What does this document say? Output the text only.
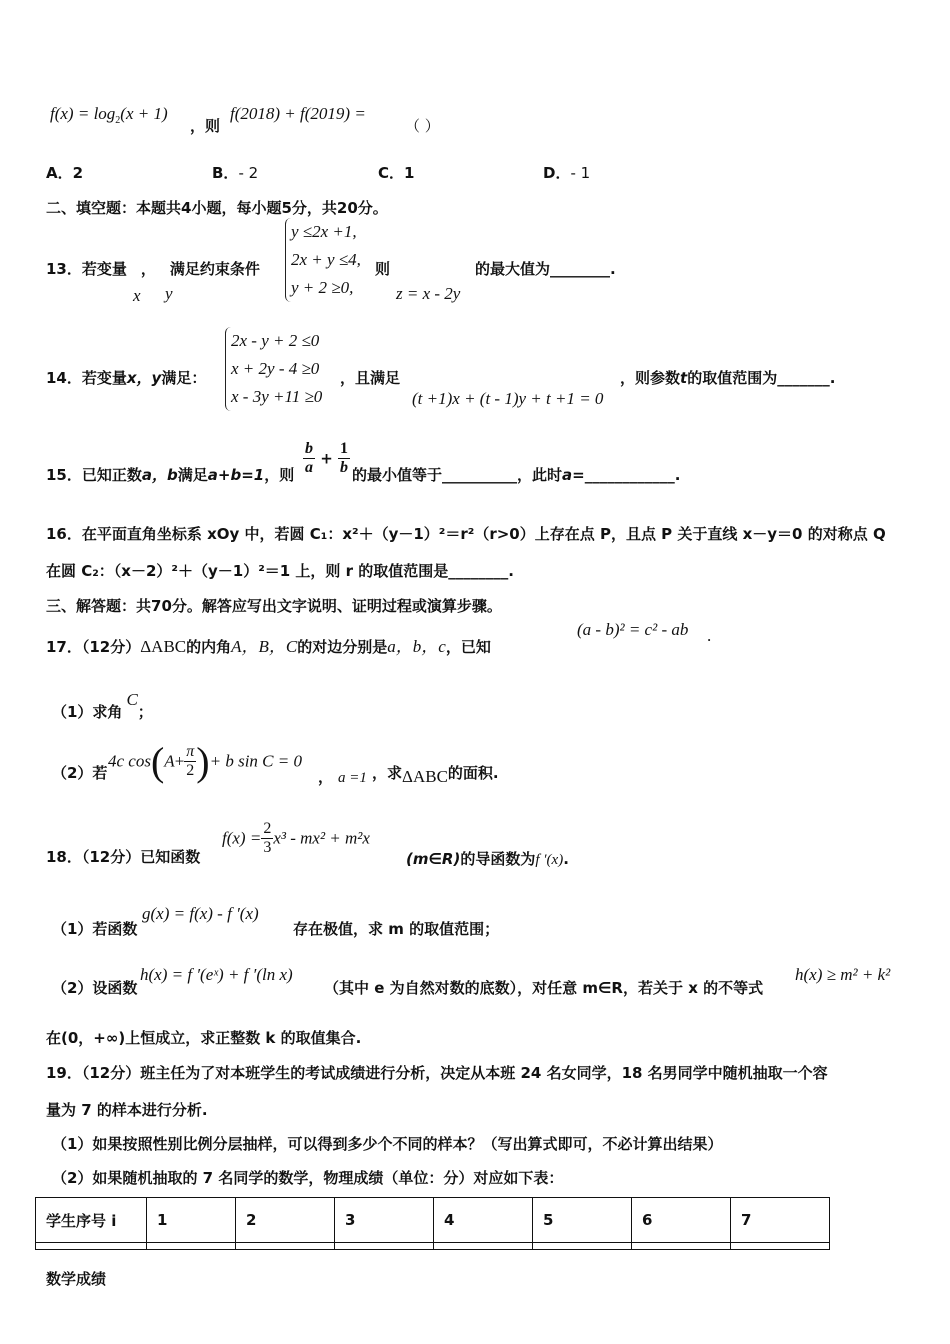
$f(x) = \log_2(x + 1)$
，则
f(2018) + f(2019) =
（ ）
A．2	B．- 2	C．1	D．- 1
二、填空题：本题共4小题，每小题5分，共20分。
13．若变量 ， 满足约束条件
x y
y ≤2x +1,
2x + y ≤4,
y + 2 ≥0,
则
z = x - 2y
的最大值为________.
14．若变量x，y满足：
2x - y + 2 ≤0
x + 2y - 4 ≥0
x - 3y +11 ≥0
，且满足
(t +1)x + (t - 1)y + t +1 = 0
，则参数t的取值范围为_______.
15．已知正数a，b满足a+b=1，则 $\frac{b}{a} + \frac{1}{b}$ 的最小值等于__________，此时a=____________.
16．在平面直角坐标系 xOy 中，若圆 C₁：x²＋（y－1）²＝r²（r>0）上存在点 P，且点 P 关于直线 x－y＝0 的对称点 Q
在圆 C₂：（x－2）²＋（y－1）²＝1 上，则 r 的取值范围是________.
三、解答题：共70分。解答应写出文字说明、证明过程或演算步骤。
17．（12分）ΔABC的内角A，B，C的对边分别是a，b，c，已知
(a - b)² = c² - ab .
（1）求角C；
（2）若
4c $\cos(A+ \frac{\pi}{2}$ )+ b sin C = 0
， a =1 ，求ΔABC的面积.
18．（12分）已知函数
$f(x) = \frac{2}{3} x^3 - mx^2 + m^2x$
(m∈R)的导函数为f ′(x).
（1）若函数
g(x) = f(x) - f ′(x)
存在极值，求 m 的取值范围；
（2）设函数
h(x) = f ′(eˣ) + f ′(ln x)
（其中 e 为自然对数的底数），对任意 m∈R，若关于 x 的不等式
h(x) ≥ m² + k²
在(0，+∞)上恒成立，求正整数 k 的取值集合.
19．（12分）班主任为了对本班学生的考试成绩进行分析，决定从本班 24 名女同学，18 名男同学中随机抽取一个容
量为 7 的样本进行分析.
（1）如果按照性别比例分层抽样，可以得到多少个不同的样本？（写出算式即可，不必计算出结果）
（2）如果随机抽取的 7 名同学的数学，物理成绩（单位：分）对应如下表：
学生序号 i	1	2	3	4	5	6	7

数学成绩
